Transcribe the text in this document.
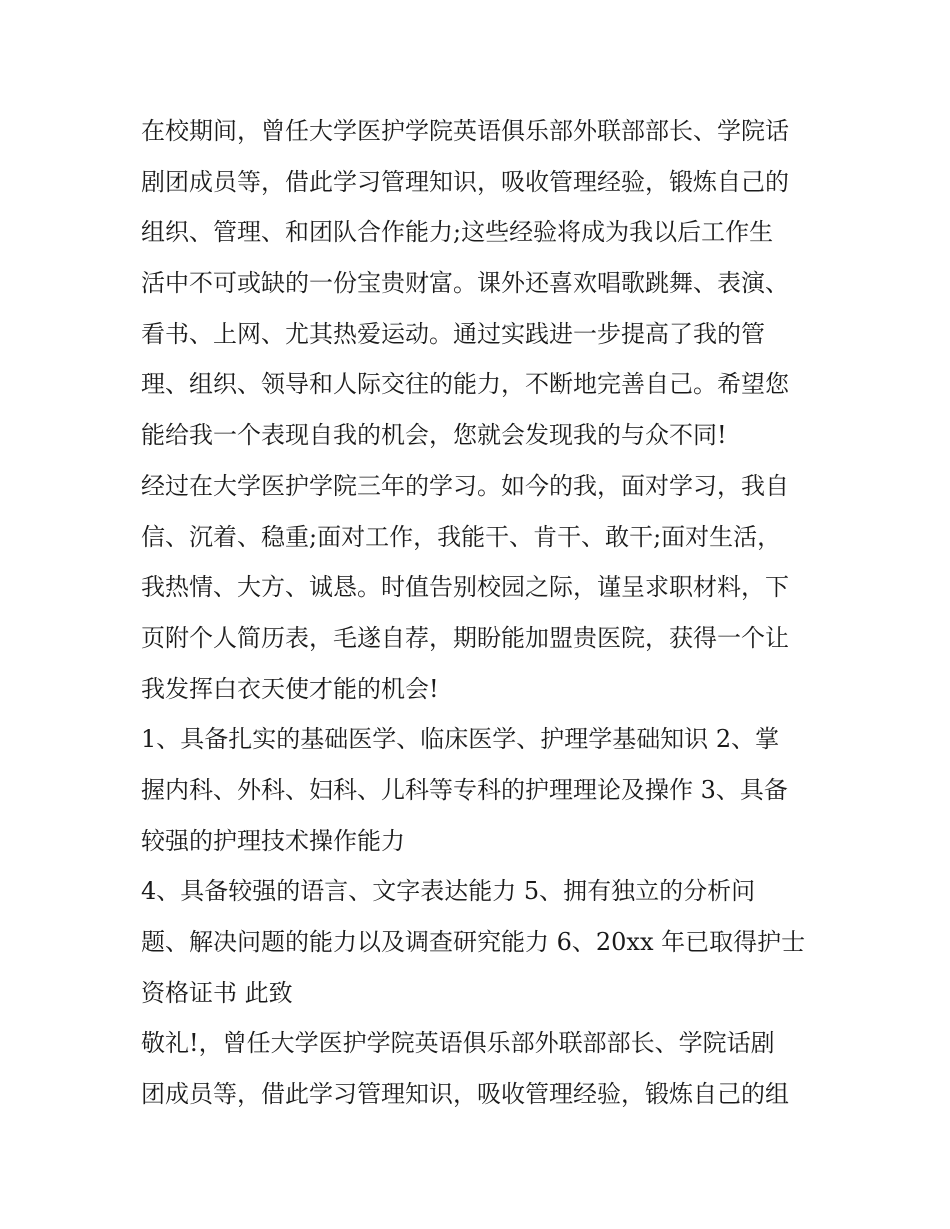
在校期间，曾任大学医护学院英语俱乐部外联部部长、学院话
剧团成员等，借此学习管理知识，吸收管理经验，锻炼自己的
组织、管理、和团队合作能力;这些经验将成为我以后工作生
活中不可或缺的一份宝贵财富。课外还喜欢唱歌跳舞、表演、
看书、上网、尤其热爱运动。通过实践进一步提高了我的管
理、组织、领导和人际交往的能力，不断地完善自己。希望您
能给我一个表现自我的机会，您就会发现我的与众不同!
经过在大学医护学院三年的学习。如今的我，面对学习，我自
信、沉着、稳重;面对工作，我能干、肯干、敢干;面对生活，
我热情、大方、诚恳。时值告别校园之际，谨呈求职材料，下
页附个人简历表，毛遂自荐，期盼能加盟贵医院，获得一个让
我发挥白衣天使才能的机会!
1、具备扎实的基础医学、临床医学、护理学基础知识 2、掌
握内科、外科、妇科、儿科等专科的护理理论及操作 3、具备
较强的护理技术操作能力
4、具备较强的语言、文字表达能力 5、拥有独立的分析问
题、解决问题的能力以及调查研究能力 6、20xx 年已取得护士
资格证书 此致
敬礼!，曾任大学医护学院英语俱乐部外联部部长、学院话剧
团成员等，借此学习管理知识，吸收管理经验，锻炼自己的组
